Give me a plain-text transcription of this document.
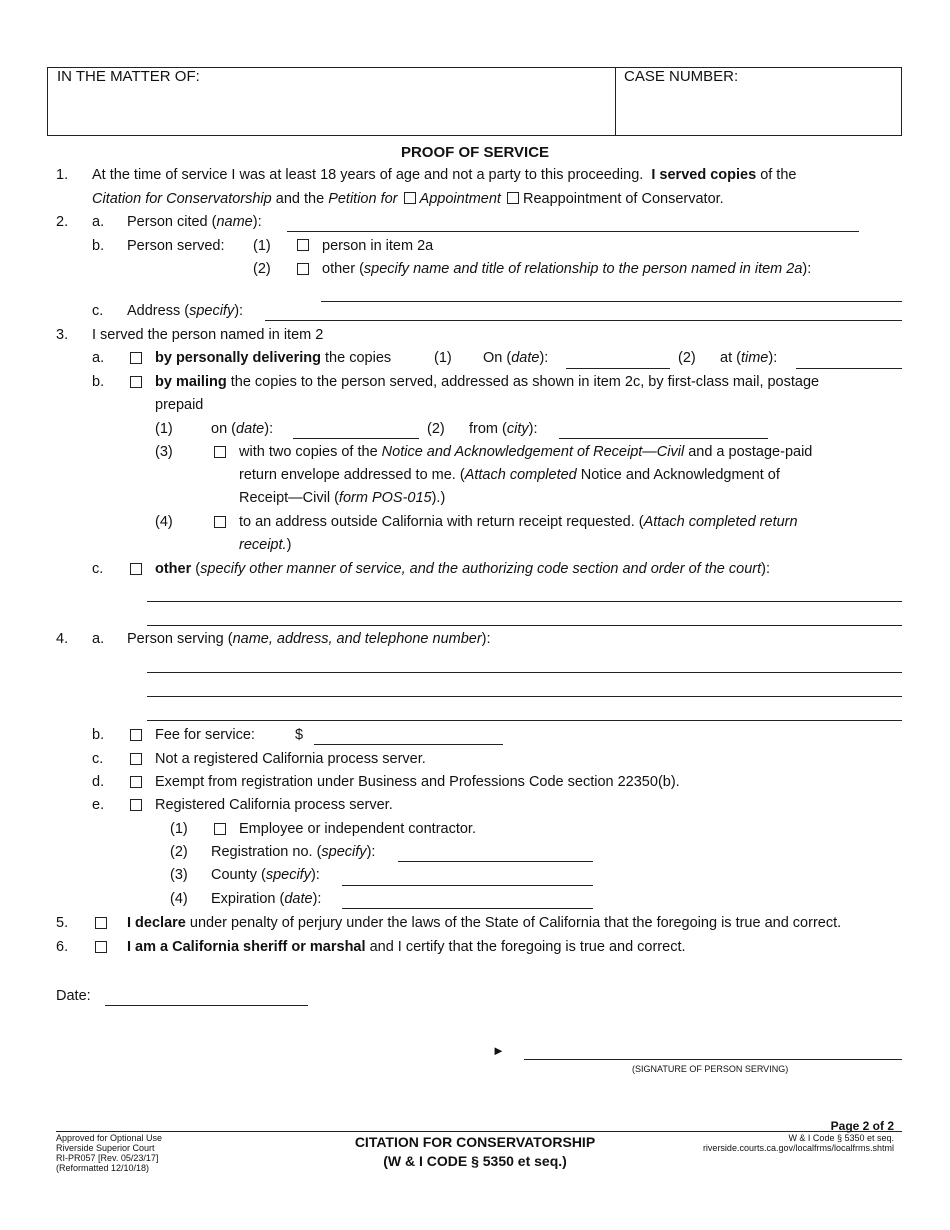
IN THE MATTER OF:	CASE NUMBER:
PROOF OF SERVICE
1. At the time of service I was at least 18 years of age and not a party to this proceeding. I served copies of the
Citation for Conservatorship and the Petition for Appointment Reappointment of Conservator.
2. a. Person cited (name):
b. Person served: (1)	person in item 2a
(2)	other (specify name and title of relationship to the person named in item 2a):
c. Address (specify):
3. I served the person named in item 2
a.	by personally delivering the copies	(1) On (date):	(2) at (time):
b.	by mailing the copies to the person served, addressed as shown in item 2c, by first-class mail, postage
prepaid
(1)	on (date):	(2) from (city):
(3)	with two copies of the Notice and Acknowledgement of Receipt—Civil and a postage-paid
return envelope addressed to me. (Attach completed Notice and Acknowledgment of
Receipt—Civil (form POS-015).)
(4)	to an address outside California with return receipt requested. (Attach completed return
receipt.)
c.	other (specify other manner of service, and the authorizing code section and order of the court):
4. a. Person serving (name, address, and telephone number):
b.	Fee for service:	$
c.	Not a registered California process server.
d.	Exempt from registration under Business and Professions Code section 22350(b).
e.	Registered California process server.
(1)	Employee or independent contractor.
(2) Registration no. (specify):
(3) County (specify):
(4) Expiration (date):
5.	I declare under penalty of perjury under the laws of the State of California that the foregoing is true and correct.
6.	I am a California sheriff or marshal and I certify that the foregoing is true and correct.
Date:
►
(SIGNATURE OF PERSON SERVING)
Approved for Optional Use
Riverside Superior Court
RI-PR057 [Rev. 05/23/17]
(Reformatted 12/10/18)
CITATION FOR CONSERVATORSHIP
(W & I CODE § 5350 et seq.)
Page 2 of 2
W & I Code § 5350 et seq.
riverside.courts.ca.gov/localfrms/localfrms.shtml
